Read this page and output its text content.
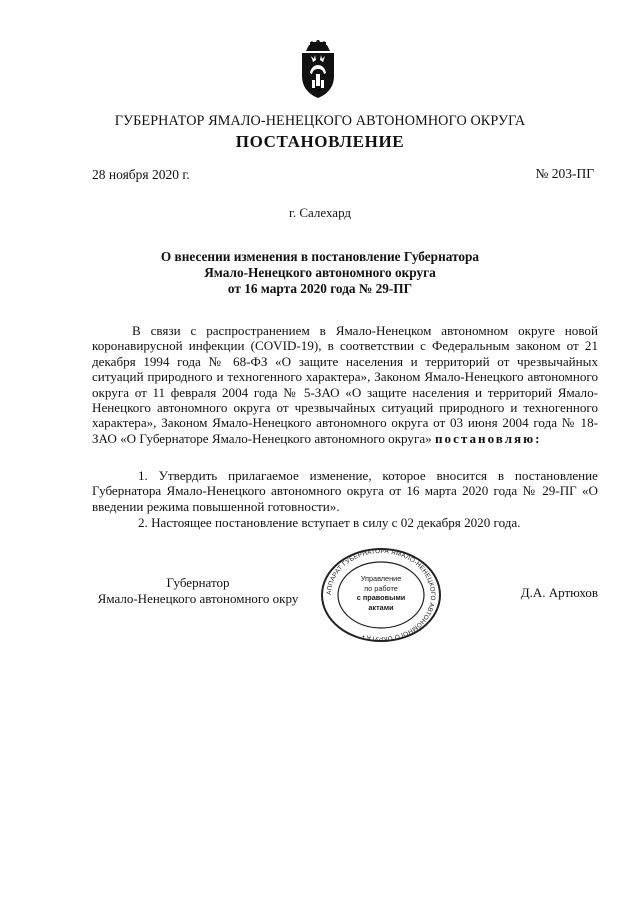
ГУБЕРНАТОР ЯМАЛО-НЕНЕЦКОГО АВТОНОМНОГО ОКРУГА
ПОСТАНОВЛЕНИЕ
28 ноября 2020 г.	№ 203-ПГ
г. Салехард
О внесении изменения в постановление Губернатора
Ямало-Ненецкого автономного округа
от 16 марта 2020 года № 29-ПГ
В связи с распространением в Ямало-Ненецком автономном округе новой коронавирусной инфекции (COVID-19), в соответствии с Федеральным законом от 21 декабря 1994 года № 68-ФЗ «О защите населения и территорий от чрезвычайных ситуаций природного и техногенного характера», Законом Ямало-Ненецкого автономного округа от 11 февраля 2004 года № 5-ЗАО «О защите населения и территорий Ямало-Ненецкого автономного округа от чрезвычайных ситуаций природного и техногенного характера», Законом Ямало-Ненецкого автономного округа от 03 июня 2004 года № 18-ЗАО «О Губернаторе Ямало-Ненецкого автономного округа» постановляю:
1. Утвердить прилагаемое изменение, которое вносится в постановление Губернатора Ямало-Ненецкого автономного округа от 16 марта 2020 года № 29-ПГ «О введении режима повышенной готовности».
2. Настоящее постановление вступает в силу с 02 декабря 2020 года.
Губернатор
Ямало-Ненецкого автономного окру	Д.А. Артюхов
АППАРАТ ГУБЕРНАТОРА ЯМАЛО-НЕНЕЦКОГО АВТОНОМНОГО ОКРУГА •
Управление
по работе
с правовыми
актами
